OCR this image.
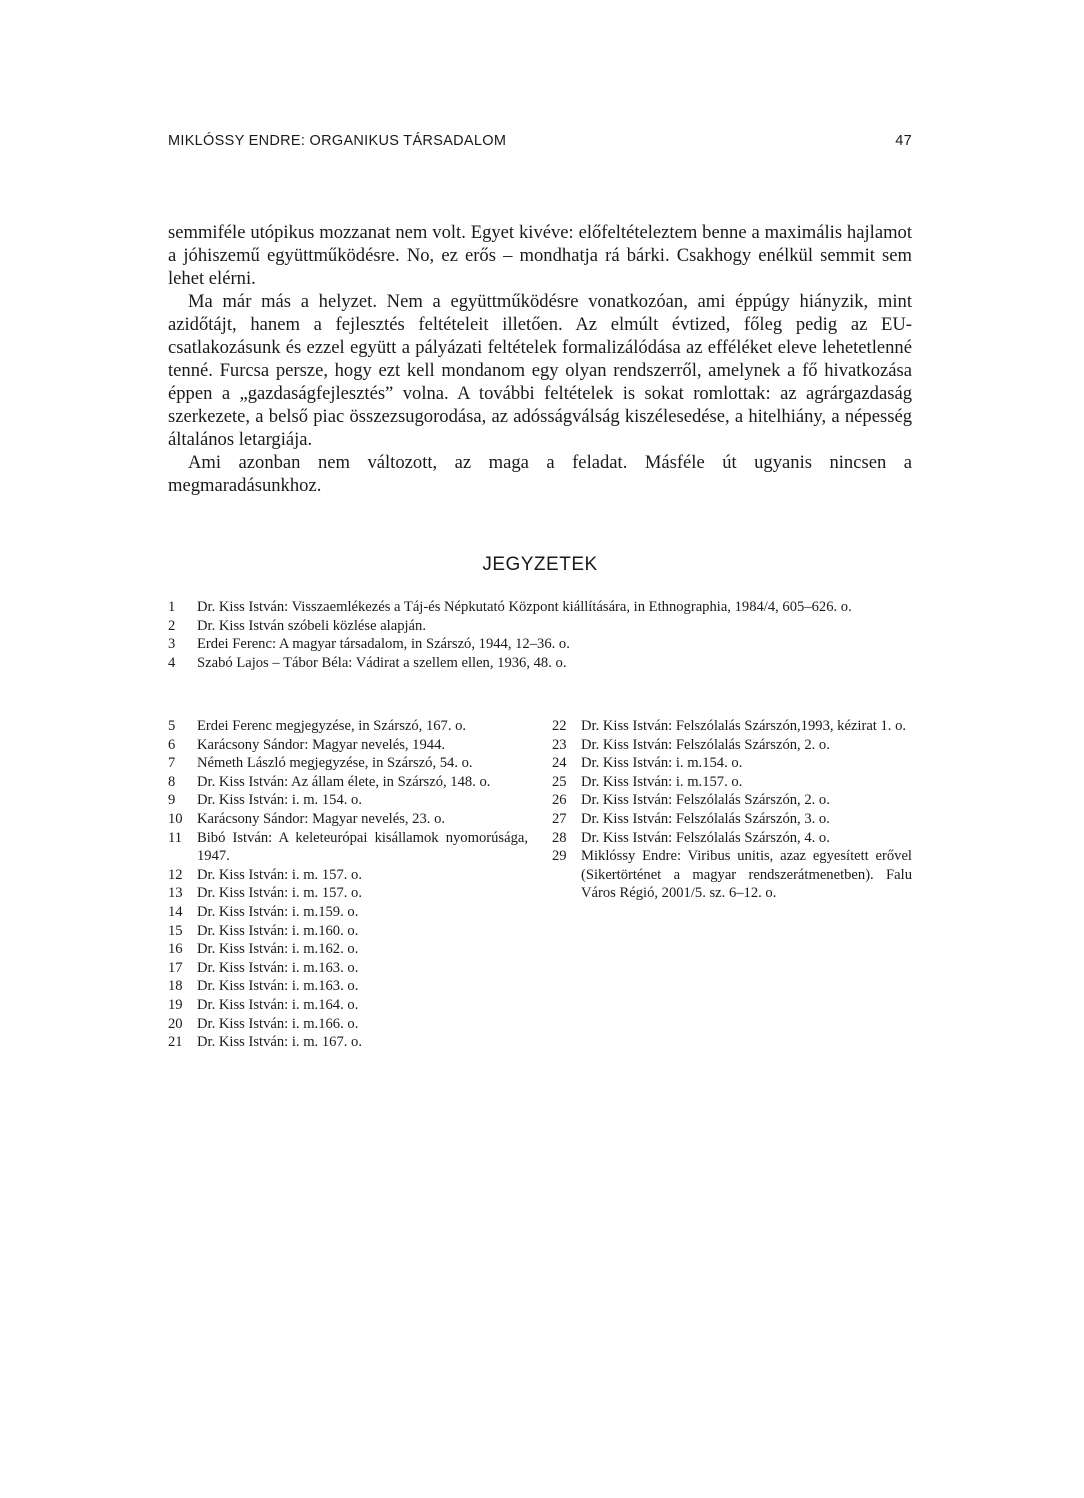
MIKLÓSSY ENDRE: ORGANIKUS TÁRSADALOM	47

semmiféle utópikus mozzanat nem volt. Egyet kivéve: előfeltételeztem benne a maximális hajlamot a jóhiszemű együttműködésre. No, ez erős – mondhatja rá bárki. Csakhogy enélkül semmit sem lehet elérni.

Ma már más a helyzet. Nem a együttműködésre vonatkozóan, ami éppúgy hiányzik, mint azidőtájt, hanem a fejlesztés feltételeit illetően. Az elmúlt évtized, főleg pedig az EU-csatlakozásunk és ezzel együtt a pályázati feltételek formalizálódása az efféléket eleve lehetetlenné tenné. Furcsa persze, hogy ezt kell mondanom egy olyan rendszerről, amelynek a fő hivatkozása éppen a „gazdaságfejlesztés” volna. A további feltételek is sokat romlottak: az agrárgazdaság szerkezete, a belső piac összezsugorodása, az adósságválság kiszélesedése, a hitelhiány, a népesség általános letargiája.

Ami azonban nem változott, az maga a feladat. Másféle út ugyanis nincsen a megmaradásunkhoz.

JEGYZETEK
1	Dr. Kiss István: Visszaemlékezés a Táj-és Népkutató Központ kiállítására, in Ethnographia, 1984/4, 605–626. o.
2	Dr. Kiss István szóbeli közlése alapján.
3	Erdei Ferenc: A magyar társadalom, in Szárszó, 1944, 12–36. o.
4	Szabó Lajos – Tábor Béla: Vádirat a szellem ellen, 1936, 48. o.
5	Erdei Ferenc megjegyzése, in Szárszó, 167. o.
6	Karácsony Sándor: Magyar nevelés, 1944.
7	Németh László megjegyzése, in Szárszó, 54. o.
8	Dr. Kiss István: Az állam élete, in Szárszó, 148. o.
9	Dr. Kiss István: i. m. 154. o.
10 Karácsony Sándor: Magyar nevelés, 23. o.
11	Bibó István: A keleteurópai kisállamok nyomorúsága, 1947.
12 Dr. Kiss István: i. m. 157. o.
13 Dr. Kiss István: i. m. 157. o.
14 Dr. Kiss István: i. m.159. o.
15 Dr. Kiss István: i. m.160. o.
16 Dr. Kiss István: i. m.162. o.
17 Dr. Kiss István: i. m.163. o.
18 Dr. Kiss István: i. m.163. o.
19 Dr. Kiss István: i. m.164. o.
20 Dr. Kiss István: i. m.166. o.
21 Dr. Kiss István: i. m. 167. o.
22 Dr. Kiss István: Felszólalás Szárszón,1993, kézirat 1. o.
23 Dr. Kiss István: Felszólalás Szárszón, 2. o.
24 Dr. Kiss István: i. m.154. o.
25 Dr. Kiss István: i. m.157. o.
26 Dr. Kiss István: Felszólalás Szárszón, 2. o.
27 Dr. Kiss István: Felszólalás Szárszón, 3. o.
28 Dr. Kiss István: Felszólalás Szárszón, 4. o.
29 Miklóssy Endre: Viribus unitis, azaz egyesített erővel (Sikertörténet a magyar rendszerátmenetben). Falu Város Régió, 2001/5. sz. 6–12. o.
